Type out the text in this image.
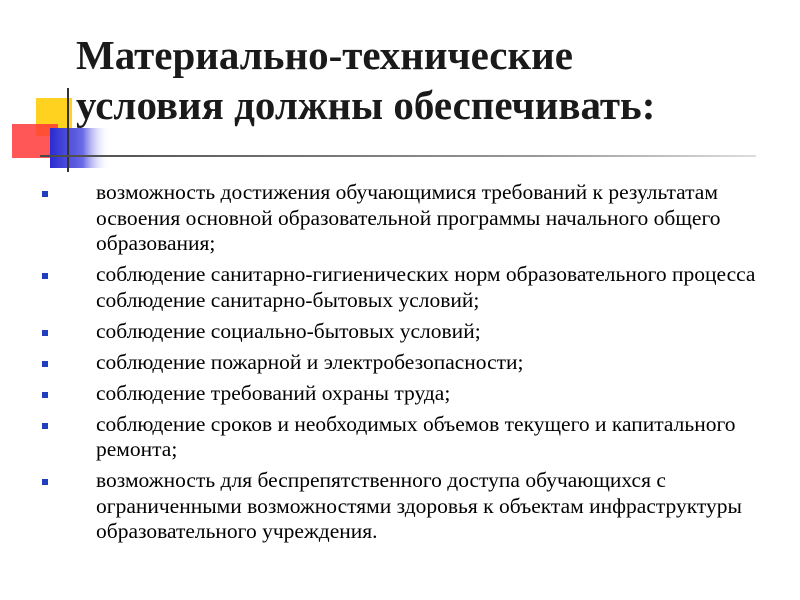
Материально-технические
условия должны обеспечивать:
возможность достижения обучающимися требований к результатам освоения основной образовательной программы начального общего образования;
соблюдение санитарно-гигиенических норм образовательного процесса соблюдение санитарно-бытовых условий;
соблюдение социально-бытовых условий;
соблюдение пожарной и электробезопасности;
соблюдение требований охраны труда;
соблюдение сроков и необходимых объемов текущего и капитального ремонта;
возможность для беспрепятственного доступа обучающихся с ограниченными возможностями здоровья к объектам инфраструктуры образовательного учреждения.
